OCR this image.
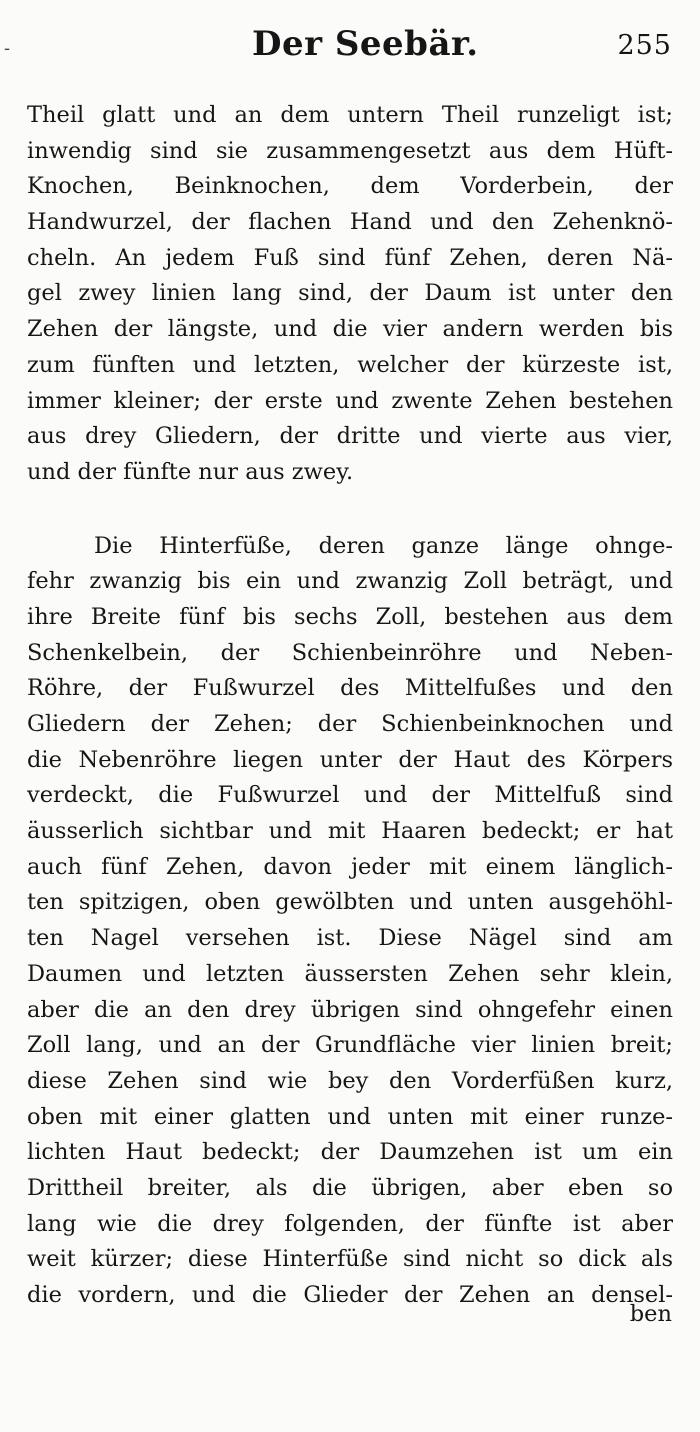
-	Der Seebär.	255
Theil glatt und an dem untern Theil runzeligt ist;
inwendig sind sie zusammengesetzt aus dem Hüft-
Knochen, Beinknochen, dem Vorderbein, der
Handwurzel, der flachen Hand und den Zehenknö-
cheln. An jedem Fuß sind fünf Zehen, deren Nä-
gel zwey linien lang sind, der Daum ist unter den
Zehen der längste, und die vier andern werden bis
zum fünften und letzten, welcher der kürzeste ist,
immer kleiner; der erste und zwente Zehen bestehen
aus drey Gliedern, der dritte und vierte aus vier,
und der fünfte nur aus zwey.
Die Hinterfüße, deren ganze länge ohnge-
fehr zwanzig bis ein und zwanzig Zoll beträgt, und
ihre Breite fünf bis sechs Zoll, bestehen aus dem
Schenkelbein, der Schienbeinröhre und Neben-
Röhre, der Fußwurzel des Mittelfußes und den
Gliedern der Zehen; der Schienbeinknochen und
die Nebenröhre liegen unter der Haut des Körpers
verdeckt, die Fußwurzel und der Mittelfuß sind
äusserlich sichtbar und mit Haaren bedeckt; er hat
auch fünf Zehen, davon jeder mit einem länglich-
ten spitzigen, oben gewölbten und unten ausgehöhl-
ten Nagel versehen ist. Diese Nägel sind am
Daumen und letzten äussersten Zehen sehr klein,
aber die an den drey übrigen sind ohngefehr einen
Zoll lang, und an der Grundfläche vier linien breit;
diese Zehen sind wie bey den Vorderfüßen kurz,
oben mit einer glatten und unten mit einer runze-
lichten Haut bedeckt; der Daumzehen ist um ein
Drittheil breiter, als die übrigen, aber eben so
lang wie die drey folgenden, der fünfte ist aber
weit kürzer; diese Hinterfüße sind nicht so dick als
die vordern, und die Glieder der Zehen an densel-
ben
